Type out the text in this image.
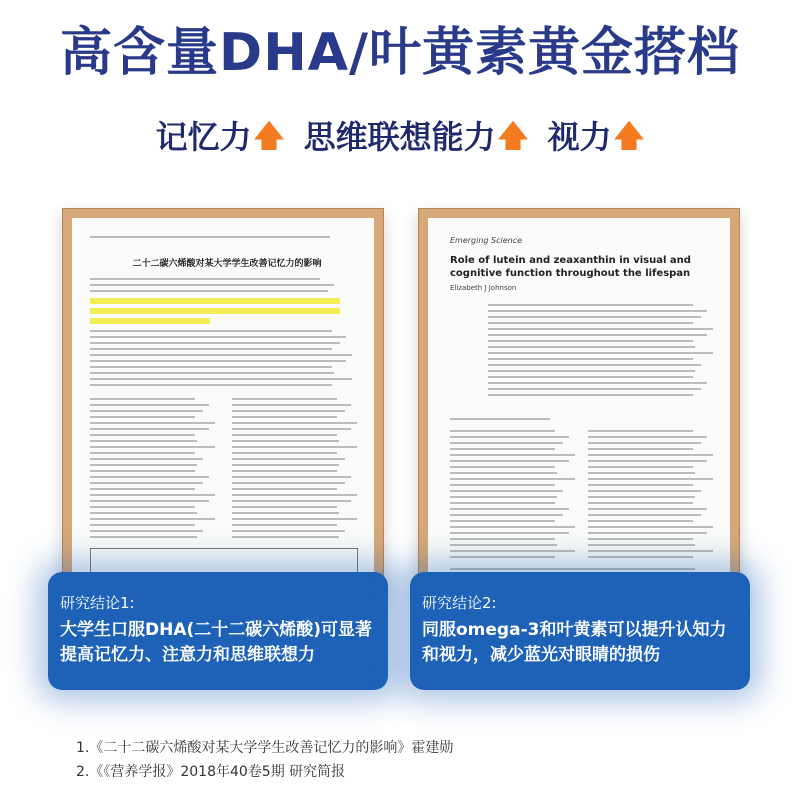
高含量DHA/叶黄素黄金搭档
记忆力🡅 思维联想能力🡅 视力🡅
二十二碳六烯酸对某大学学生改善记忆力的影响
Emerging Science
Role of lutein and zeaxanthin in visual and cognitive function throughout the lifespan
Elizabeth J Johnson
研究结论1:
大学生口服DHA(二十二碳六烯酸)可显著提高记忆力、注意力和思维联想力
研究结论2:
同服omega-3和叶黄素可以提升认知力和视力，减少蓝光对眼睛的损伤
1.《二十二碳六烯酸对某大学学生改善记忆力的影响》霍建勋
2.《《营养学报》2018年40卷5期 研究简报
